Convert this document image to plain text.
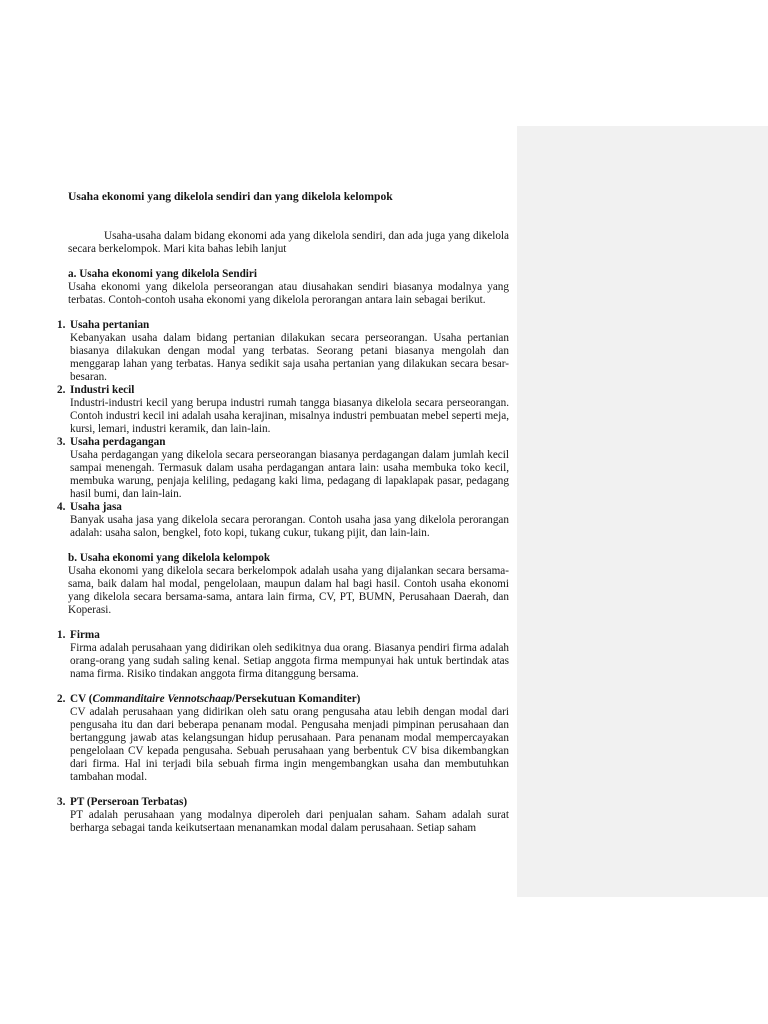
Usaha ekonomi yang dikelola sendiri dan yang dikelola kelompok

Usaha-usaha dalam bidang ekonomi ada yang dikelola sendiri, dan ada juga yang dikelola secara berkelompok. Mari kita bahas lebih lanjut

a. Usaha ekonomi yang dikelola Sendiri
Usaha ekonomi yang dikelola perseorangan atau diusahakan sendiri biasanya modalnya yang terbatas. Contoh-contoh usaha ekonomi yang dikelola perorangan antara lain sebagai berikut.
1. Usaha pertanian
Kebanyakan usaha dalam bidang pertanian dilakukan secara perseorangan. Usaha pertanian biasanya dilakukan dengan modal yang terbatas. Seorang petani biasanya mengolah dan menggarap lahan yang terbatas. Hanya sedikit saja usaha pertanian yang dilakukan secara besar-besaran.
2. Industri kecil
Industri-industri kecil yang berupa industri rumah tangga biasanya dikelola secara perseorangan. Contoh industri kecil ini adalah usaha kerajinan, misalnya industri pembuatan mebel seperti meja, kursi, lemari, industri keramik, dan lain-lain.
3. Usaha perdagangan
Usaha perdagangan yang dikelola secara perseorangan biasanya perdagangan dalam jumlah kecil sampai menengah. Termasuk dalam usaha perdagangan antara lain: usaha membuka toko kecil, membuka warung, penjaja keliling, pedagang kaki lima, pedagang di lapaklapak pasar, pedagang hasil bumi, dan lain-lain.
4. Usaha jasa
Banyak usaha jasa yang dikelola secara perorangan. Contoh usaha jasa yang dikelola perorangan adalah: usaha salon, bengkel, foto kopi, tukang cukur, tukang pijit, dan lain-lain.
b. Usaha ekonomi yang dikelola kelompok
Usaha ekonomi yang dikelola secara berkelompok adalah usaha yang dijalankan secara bersama-sama, baik dalam hal modal, pengelolaan, maupun dalam hal bagi hasil. Contoh usaha ekonomi yang dikelola secara bersama-sama, antara lain firma, CV, PT, BUMN, Perusahaan Daerah, dan Koperasi.
1. Firma
Firma adalah perusahaan yang didirikan oleh sedikitnya dua orang. Biasanya pendiri firma adalah orang-orang yang sudah saling kenal. Setiap anggota firma mempunyai hak untuk bertindak atas nama firma. Risiko tindakan anggota firma ditanggung bersama.
2. CV (Commanditaire Vennotschaap/Persekutuan Komanditer)
CV adalah perusahaan yang didirikan oleh satu orang pengusaha atau lebih dengan modal dari pengusaha itu dan dari beberapa penanam modal. Pengusaha menjadi pimpinan perusahaan dan bertanggung jawab atas kelangsungan hidup perusahaan. Para penanam modal mempercayakan pengelolaan CV kepada pengusaha. Sebuah perusahaan yang berbentuk CV bisa dikembangkan dari firma. Hal ini terjadi bila sebuah firma ingin mengembangkan usaha dan membutuhkan tambahan modal.
3. PT (Perseroan Terbatas)
PT adalah perusahaan yang modalnya diperoleh dari penjualan saham. Saham adalah surat berharga sebagai tanda keikutsertaan menanamkan modal dalam perusahaan. Setiap saham
